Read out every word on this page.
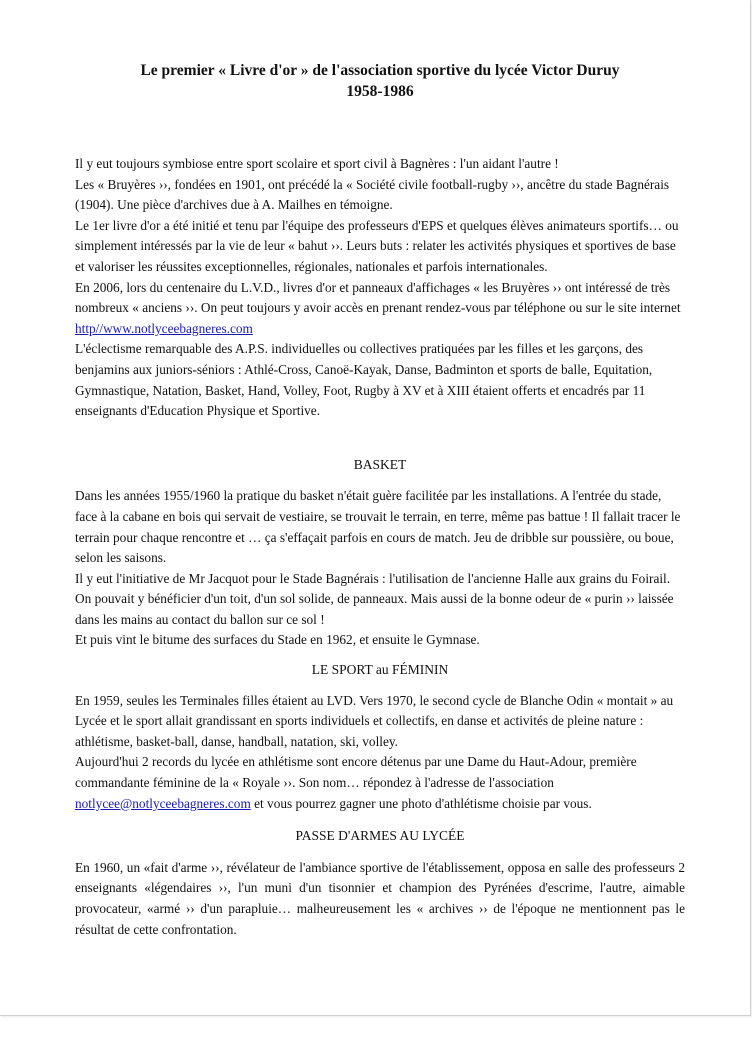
Le premier « Livre d'or » de l'association sportive du lycée Victor Duruy
1958-1986

Il y eut toujours symbiose entre sport scolaire et sport civil à Bagnères : l'un aidant l'autre !

Les « Bruyères ››, fondées en 1901, ont précédé la « Société civile football-rugby ››, ancêtre du stade Bagnérais (1904). Une pièce d'archives due à A. Mailhes en témoigne.

Le 1er livre d'or a été initié et tenu par l'équipe des professeurs d'EPS et quelques élèves animateurs sportifs… ou simplement intéressés par la vie de leur « bahut ››. Leurs buts : relater les activités physiques et sportives de base et valoriser les réussites exceptionnelles, régionales, nationales et parfois internationales.

En 2006, lors du centenaire du L.V.D., livres d'or et panneaux d'affichages « les Bruyères ›› ont intéressé de très nombreux « anciens ››. On peut toujours y avoir accès en prenant rendez-vous par téléphone ou sur le site internet http//www.notlyceebagneres.com

L'éclectisme remarquable des A.P.S. individuelles ou collectives pratiquées par les filles et les garçons, des benjamins aux juniors-séniors : Athlé-Cross, Canoë-Kayak, Danse, Badminton et sports de balle, Equitation, Gymnastique, Natation, Basket, Hand, Volley, Foot, Rugby à XV et à XIII étaient offerts et encadrés par 11 enseignants d'Education Physique et Sportive.

BASKET

Dans les années 1955/1960 la pratique du basket n'était guère facilitée par les installations. A l'entrée du stade, face à la cabane en bois qui servait de vestiaire, se trouvait le terrain, en terre, même pas battue ! Il fallait tracer le terrain pour chaque rencontre et … ça s'effaçait parfois en cours de match. Jeu de dribble sur poussière, ou boue, selon les saisons.

Il y eut l'initiative de Mr Jacquot pour le Stade Bagnérais : l'utilisation de l'ancienne Halle aux grains du Foirail. On pouvait y bénéficier d'un toit, d'un sol solide, de panneaux. Mais aussi de la bonne odeur de « purin ›› laissée dans les mains au contact du ballon sur ce sol !

Et puis vint le bitume des surfaces du Stade en 1962, et ensuite le Gymnase.

LE SPORT au FÉMININ

En 1959, seules les Terminales filles étaient au LVD. Vers 1970, le second cycle de Blanche Odin « montait » au Lycée et le sport allait grandissant en sports individuels et collectifs, en danse et activités de pleine nature : athlétisme, basket-ball, danse, handball, natation, ski, volley.

Aujourd'hui 2 records du lycée en athlétisme sont encore détenus par une Dame du Haut-Adour, première commandante féminine de la « Royale ››. Son nom… répondez à l'adresse de l'association notlycee@notlyceebagneres.com et vous pourrez gagner une photo d'athlétisme choisie par vous.

PASSE D'ARMES AU LYCÉE

En 1960, un «fait d'arme ››, révélateur de l'ambiance sportive de l'établissement, opposa en salle des professeurs 2 enseignants «légendaires ››, l'un muni d'un tisonnier et champion des Pyrénées d'escrime, l'autre, aimable provocateur, «armé ›› d'un parapluie… malheureusement les « archives ›› de l'époque ne mentionnent pas le résultat de cette confrontation.
